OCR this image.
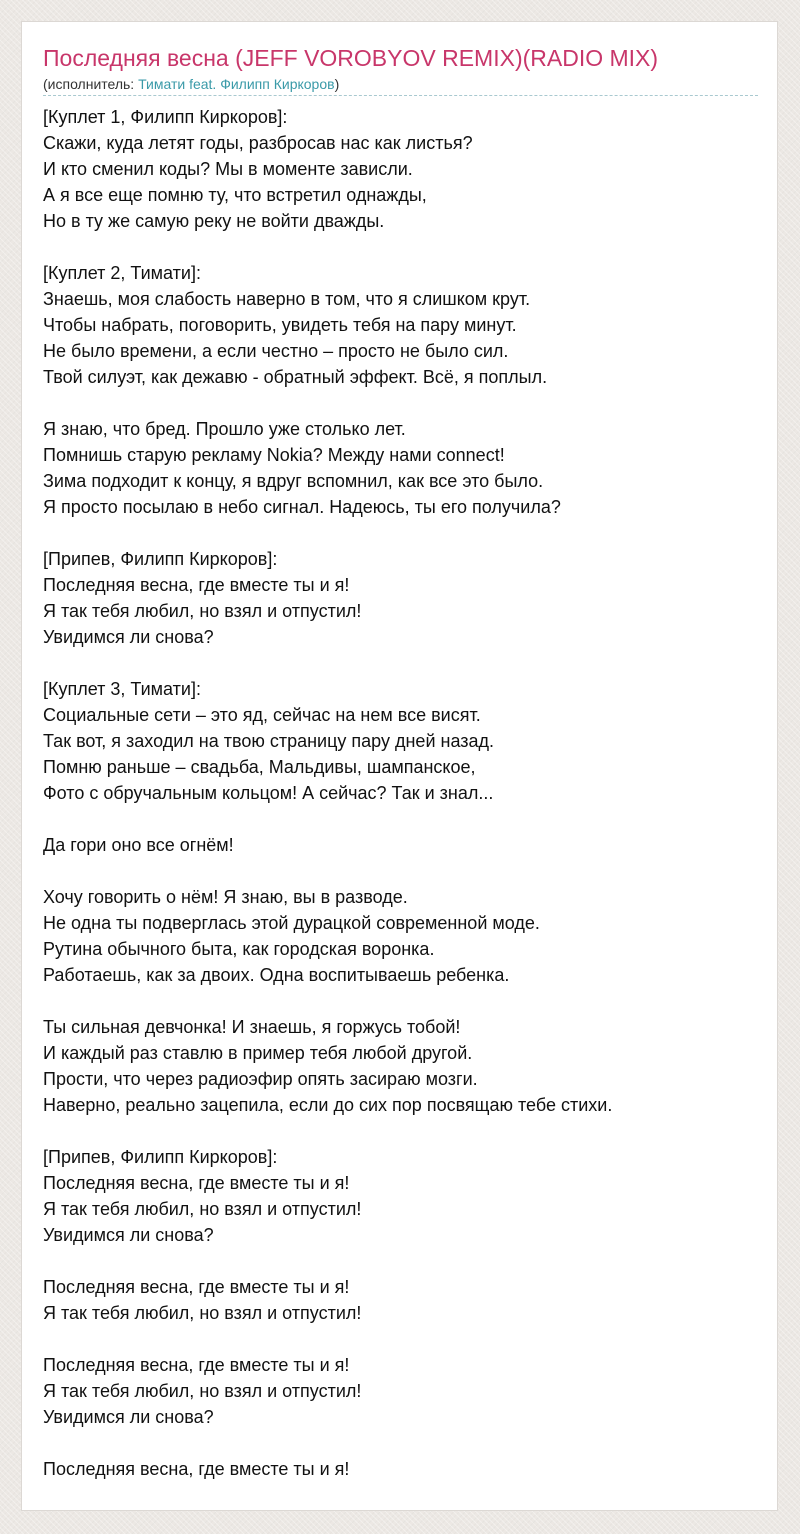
Последняя весна (JEFF VOROBYOV REMIX)(RADIO MIX)
(исполнитель: Тимати feat. Филипп Киркоров)
[Куплет 1, Филипп Киркоров]:
Скажи, куда летят годы, разбросав нас как листья?
И кто сменил коды? Мы в моменте зависли.
А я все еще помню ту, что встретил однажды,
Но в ту же самую реку не войти дважды.
[Куплет 2, Тимати]:
Знаешь, моя слабость наверно в том, что я слишком крут.
Чтобы набрать, поговорить, увидеть тебя на пару минут.
Не было времени, а если честно – просто не было сил.
Твой силуэт, как дежавю - обратный эффект. Всё, я поплыл.
Я знаю, что бред. Прошло уже столько лет.
Помнишь старую рекламу Nokia? Между нами connect!
Зима подходит к концу, я вдруг вспомнил, как все это было.
Я просто посылаю в небо сигнал. Надеюсь, ты его получила?
[Припев, Филипп Киркоров]:
Последняя весна, где вместе ты и я!
Я так тебя любил, но взял и отпустил!
Увидимся ли снова?
[Куплет 3, Тимати]:
Социальные сети – это яд, сейчас на нем все висят.
Так вот, я заходил на твою страницу пару дней назад.
Помню раньше – свадьба, Мальдивы, шампанское,
Фото с обручальным кольцом! А сейчас? Так и знал...
Да гори оно все огнём!
Хочу говорить о нём! Я знаю, вы в разводе.
Не одна ты подверглась этой дурацкой современной моде.
Рутина обычного быта, как городская воронка.
Работаешь, как за двоих. Одна воспитываешь ребенка.
Ты сильная девчонка! И знаешь, я горжусь тобой!
И каждый раз ставлю в пример тебя любой другой.
Прости, что через радиоэфир опять засираю мозги.
Наверно, реально зацепила, если до сих пор посвящаю тебе стихи.
[Припев, Филипп Киркоров]:
Последняя весна, где вместе ты и я!
Я так тебя любил, но взял и отпустил!
Увидимся ли снова?
Последняя весна, где вместе ты и я!
Я так тебя любил, но взял и отпустил!
Последняя весна, где вместе ты и я!
Я так тебя любил, но взял и отпустил!
Увидимся ли снова?
Последняя весна, где вместе ты и я!
